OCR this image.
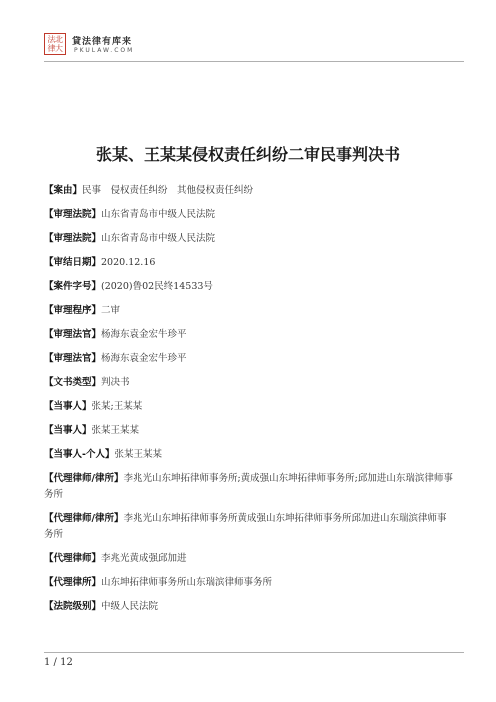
法北律大
貸法律有库来
PKULAW.COM
张某、王某某侵权责任纠纷二审民事判决书
【案由】民事　侵权责任纠纷　其他侵权责任纠纷
【审理法院】山东省青岛市中级人民法院
【审理法院】山东省青岛市中级人民法院
【审结日期】2020.12.16
【案件字号】(2020)鲁02民终14533号
【审理程序】二审
【审理法官】杨海东袁金宏牛珍平
【审理法官】杨海东袁金宏牛珍平
【文书类型】判决书
【当事人】张某;王某某
【当事人】张某王某某
【当事人-个人】张某王某某
【代理律师/律所】李兆光山东坤拓律师事务所;黄成强山东坤拓律师事务所;邱加进山东瑞滨律师事务所
【代理律师/律所】李兆光山东坤拓律师事务所黄成强山东坤拓律师事务所邱加进山东瑞滨律师事务所
【代理律师】李兆光黄成强邱加进
【代理律所】山东坤拓律师事务所山东瑞滨律师事务所
【法院级别】中级人民法院
1 / 12
